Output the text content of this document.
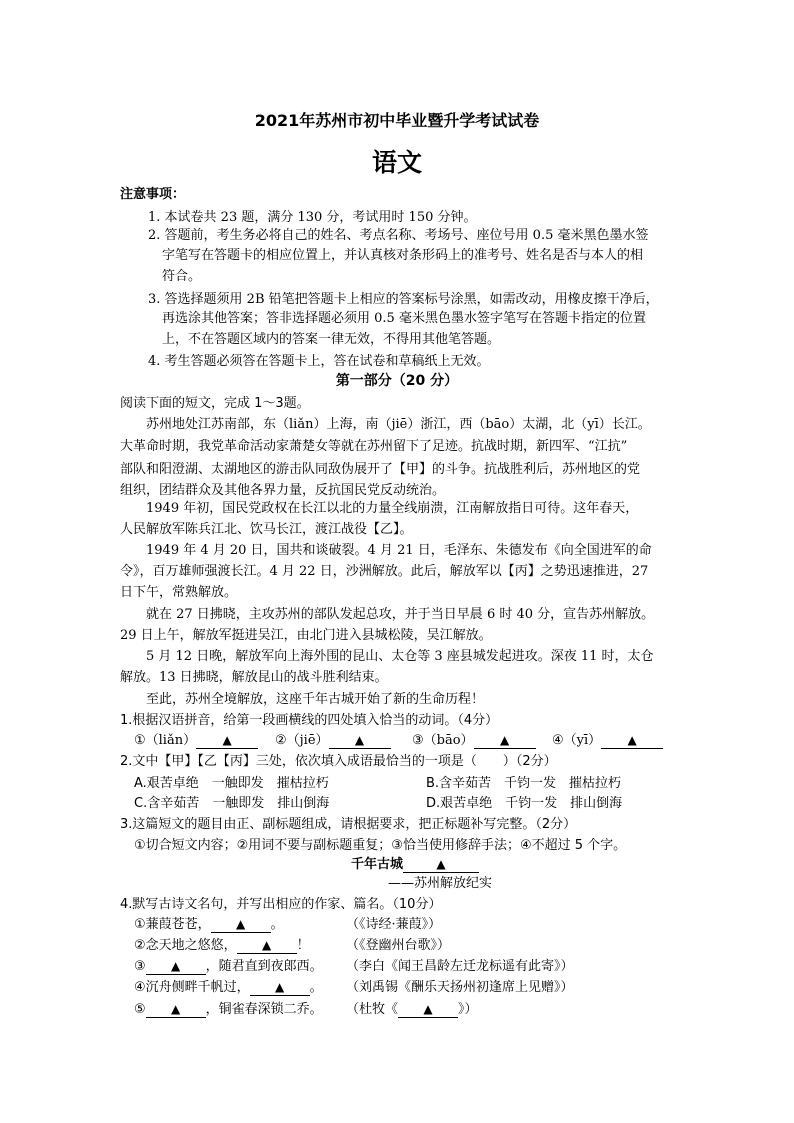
2021年苏州市初中毕业暨升学考试试卷
语文
注意事项：
1. 本试卷共 23 题，满分 130 分，考试用时 150 分钟。
2. 答题前，考生务必将自己的姓名、考点名称、考场号、座位号用 0.5 毫米黑色墨水签
字笔写在答题卡的相应位置上，并认真核对条形码上的准考号、姓名是否与本人的相
符合。
3. 答选择题须用 2B 铅笔把答题卡上相应的答案标号涂黑，如需改动，用橡皮擦干净后，
再选涂其他答案；答非选择题必须用 0.5 毫米黑色墨水签字笔写在答题卡指定的位置
上，不在答题区域内的答案一律无效，不得用其他笔答题。
4. 考生答题必须答在答题卡上，答在试卷和草稿纸上无效。
第一部分（20 分）
阅读下面的短文，完成 1～3题。
苏州地处江苏南部，东（liǎn）上海，南（jiē）浙江，西（bāo）太湖，北（yī）长江。
大革命时期，我党革命活动家萧楚女等就在苏州留下了足迹。抗战时期，新四军、“江抗”
部队和阳澄湖、太湖地区的游击队同敌伪展开了【甲】的斗争。抗战胜利后，苏州地区的党
组织，团结群众及其他各界力量，反抗国民党反动统治。
1949 年初，国民党政权在长江以北的力量全线崩溃，江南解放指日可待。这年春天，
人民解放军陈兵江北、饮马长江，渡江战役【乙】。
1949 年 4 月 20 日，国共和谈破裂。4 月 21 日，毛泽东、朱德发布《向全国进军的命
令》，百万雄师强渡长江。4 月 22 日，沙洲解放。此后，解放军以【丙】之势迅速推进，27
日下午，常熟解放。
就在 27 日拂晓，主攻苏州的部队发起总攻，并于当日早晨 6 时 40 分，宣告苏州解放。
29 日上午，解放军挺进吴江，由北门进入县城松陵，吴江解放。
5 月 12 日晚，解放军向上海外围的昆山、太仓等 3 座县城发起进攻。深夜 11 时，太仓
解放。13 日拂晓，解放昆山的战斗胜利结束。
至此，苏州全境解放，这座千年古城开始了新的生命历程！
1.根据汉语拼音，给第一段画横线的四处填入恰当的动词。（4分）
①（liǎn） ▲	②（jiē） ▲	③（bāo） ▲	④（yī） ▲
2.文中【甲】【乙【丙】三处，依次填入成语最恰当的一项是（　　）（2分）
A.艰苦卓绝　一触即发　摧枯拉朽	B.含辛茹苦　千钧一发　摧枯拉朽
C.含辛茹苦　一触即发　排山倒海	D.艰苦卓绝　千钧一发　排山倒海
3.这篇短文的题目由正、副标题组成，请根据要求，把正标题补写完整。（2分）
①切合短文内容；②用词不要与副标题重复；③恰当使用修辞手法；④不超过 5 个字。
千年古城	▲
——苏州解放纪实
4.默写古诗文名句，并写出相应的作家、篇名。（10分）
①蒹葭苍苍， ▲ 。	（《诗经·蒹葭》）
②念天地之悠悠， ▲ ！	（《登幽州台歌》）
③ ▲ ，随君直到夜郎西。 （李白《闻王昌龄左迁龙标遥有此寄》）
④沉舟侧畔千帆过， ▲ 。 （刘禹锡《酬乐天扬州初逢席上见赠》）
⑤ ▲ ，铜雀春深锁二乔。 （杜牧《 ▲ 》）
